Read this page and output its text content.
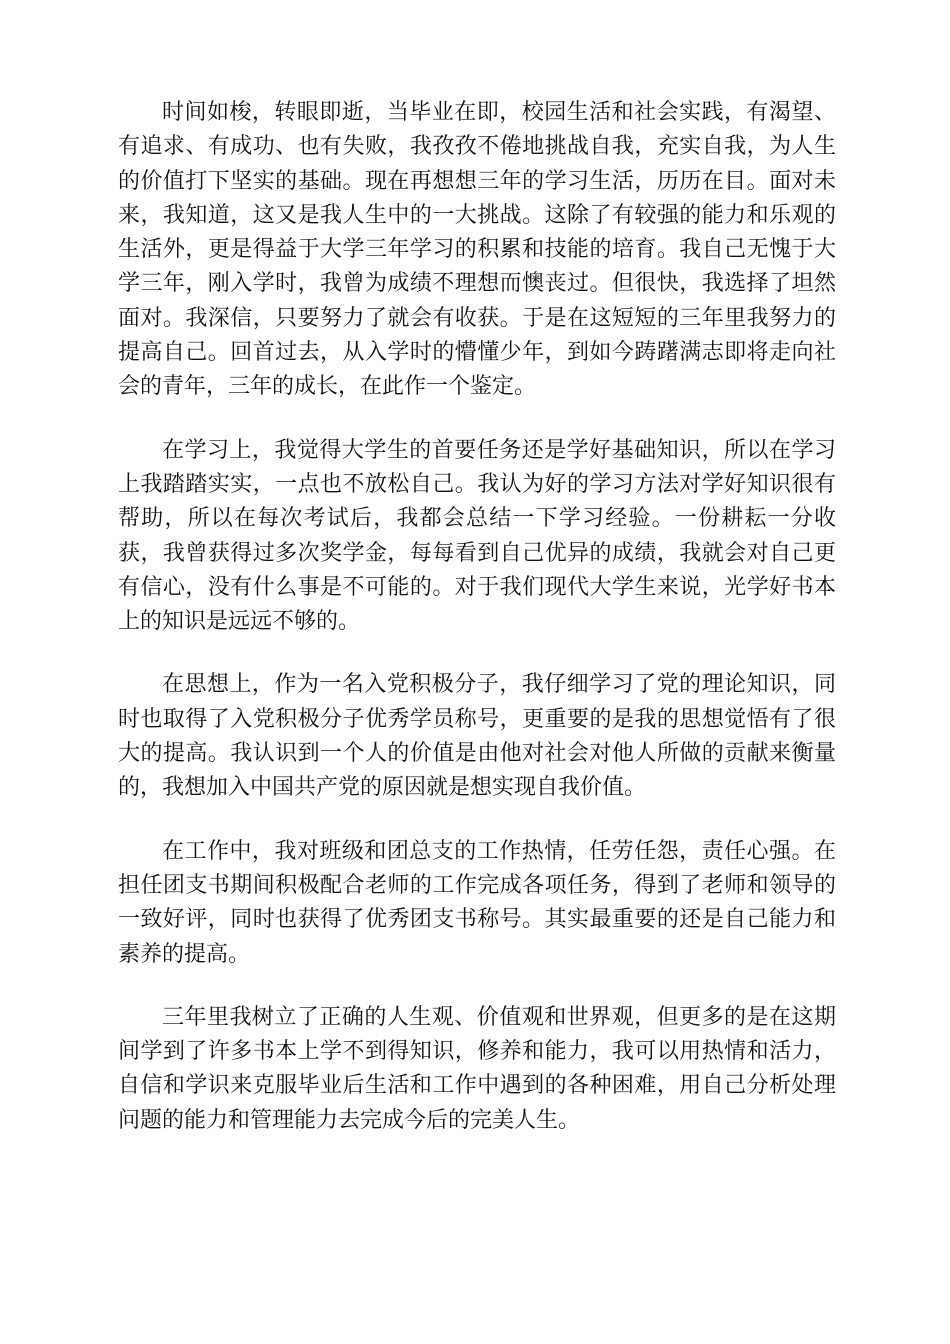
时间如梭，转眼即逝，当毕业在即，校园生活和社会实践，有渴望、有追求、有成功、也有失败，我孜孜不倦地挑战自我，充实自我，为人生的价值打下坚实的基础。现在再想想三年的学习生活，历历在目。面对未来，我知道，这又是我人生中的一大挑战。这除了有较强的能力和乐观的生活外，更是得益于大学三年学习的积累和技能的培育。我自己无愧于大学三年，刚入学时，我曾为成绩不理想而懊丧过。但很快，我选择了坦然面对。我深信，只要努力了就会有收获。于是在这短短的三年里我努力的提高自己。回首过去，从入学时的懵懂少年，到如今踌躇满志即将走向社会的青年，三年的成长，在此作一个鉴定。

在学习上，我觉得大学生的首要任务还是学好基础知识，所以在学习上我踏踏实实，一点也不放松自己。我认为好的学习方法对学好知识很有帮助，所以在每次考试后，我都会总结一下学习经验。一份耕耘一分收获，我曾获得过多次奖学金，每每看到自己优异的成绩，我就会对自己更有信心，没有什么事是不可能的。对于我们现代大学生来说，光学好书本上的知识是远远不够的。

在思想上，作为一名入党积极分子，我仔细学习了党的理论知识，同时也取得了入党积极分子优秀学员称号，更重要的是我的思想觉悟有了很大的提高。我认识到一个人的价值是由他对社会对他人所做的贡献来衡量的，我想加入中国共产党的原因就是想实现自我价值。

在工作中，我对班级和团总支的工作热情，任劳任怨，责任心强。在担任团支书期间积极配合老师的工作完成各项任务，得到了老师和领导的一致好评，同时也获得了优秀团支书称号。其实最重要的还是自己能力和素养的提高。

三年里我树立了正确的人生观、价值观和世界观，但更多的是在这期间学到了许多书本上学不到得知识，修养和能力，我可以用热情和活力，自信和学识来克服毕业后生活和工作中遇到的各种困难，用自己分析处理问题的能力和管理能力去完成今后的完美人生。
